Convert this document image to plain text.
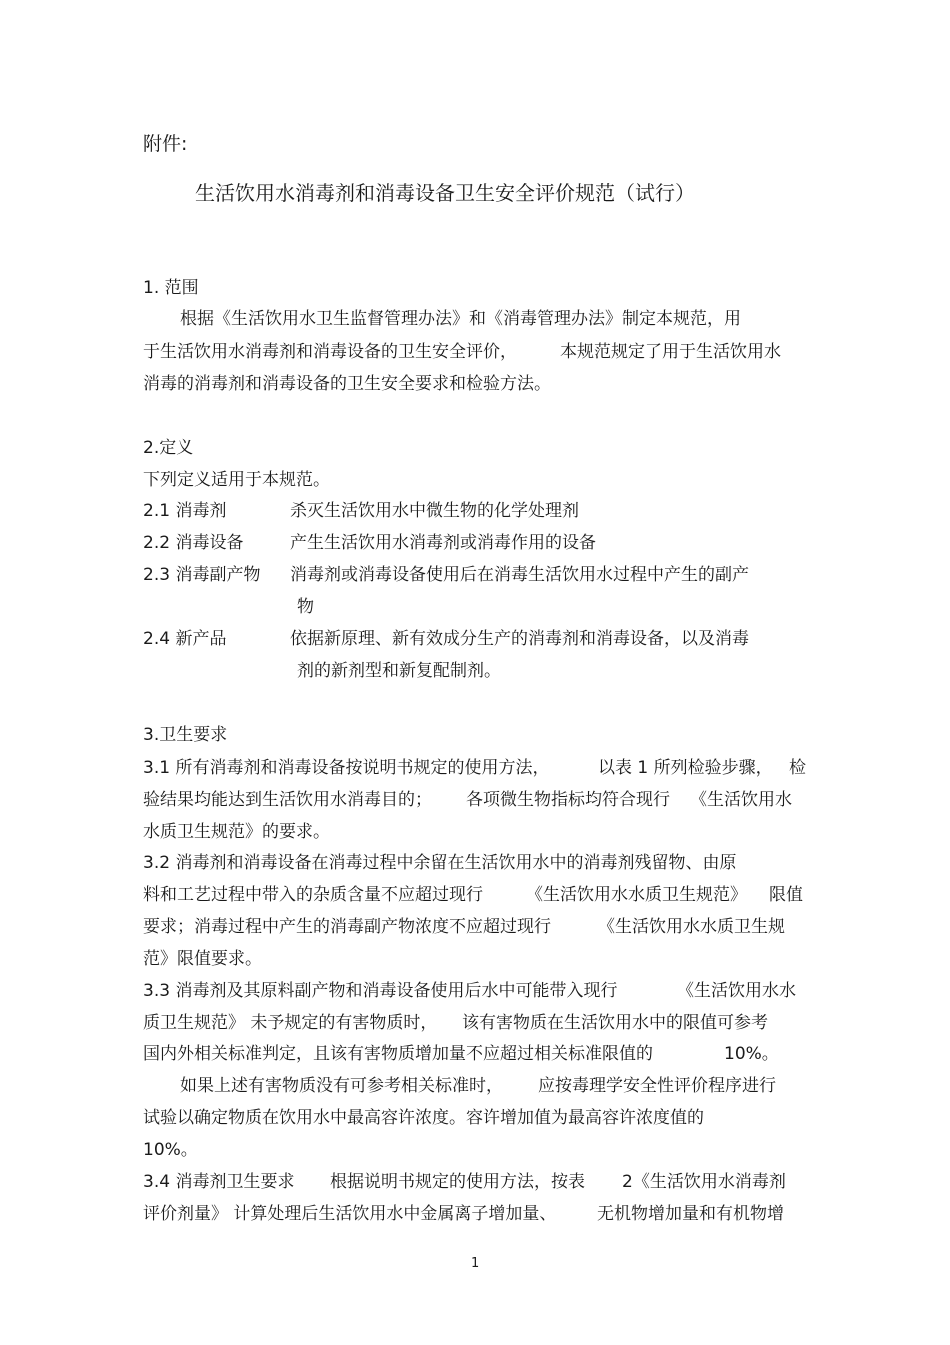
附件:
生活饮用水消毒剂和消毒设备卫生安全评价规范（试行）
1. 范围
根据《生活饮用水卫生监督管理办法》和《消毒管理办法》制定本规范，用
于生活饮用水消毒剂和消毒设备的卫生安全评价，	本规范规定了用于生活饮用水
消毒的消毒剂和消毒设备的卫生安全要求和检验方法。
2.定义
下列定义适用于本规范。
2.1 消毒剂	杀灭生活饮用水中微生物的化学处理剂
2.2 消毒设备	产生生活饮用水消毒剂或消毒作用的设备
2.3 消毒副产物 消毒剂或消毒设备使用后在消毒生活饮用水过程中产生的副产
物
2.4 新产品	依据新原理、新有效成分生产的消毒剂和消毒设备，以及消毒
剂的新剂型和新复配制剂。
3.卫生要求
3.1 所有消毒剂和消毒设备按说明书规定的使用方法，	以表 1 所列检验步骤， 检
验结果均能达到生活饮用水消毒目的； 各项微生物指标均符合现行 《生活饮用水
水质卫生规范》的要求。
3.2 消毒剂和消毒设备在消毒过程中余留在生活饮用水中的消毒剂残留物、由原
料和工艺过程中带入的杂质含量不应超过现行	《生活饮用水水质卫生规范》 限值
要求；消毒过程中产生的消毒副产物浓度不应超过现行	《生活饮用水水质卫生规
范》限值要求。
3.3 消毒剂及其原料副产物和消毒设备使用后水中可能带入现行	《生活饮用水水
质卫生规范》 未予规定的有害物质时， 该有害物质在生活饮用水中的限值可参考
国内外相关标准判定，且该有害物质增加量不应超过相关标准限值的	10%。
如果上述有害物质没有可参考相关标准时， 应按毒理学安全性评价程序进行
试验以确定物质在饮用水中最高容许浓度。容许增加值为最高容许浓度值的
10%。
3.4 消毒剂卫生要求 根据说明书规定的使用方法，按表 2《生活饮用水消毒剂
评价剂量》 计算处理后生活饮用水中金属离子增加量、 无机物增加量和有机物增
1
